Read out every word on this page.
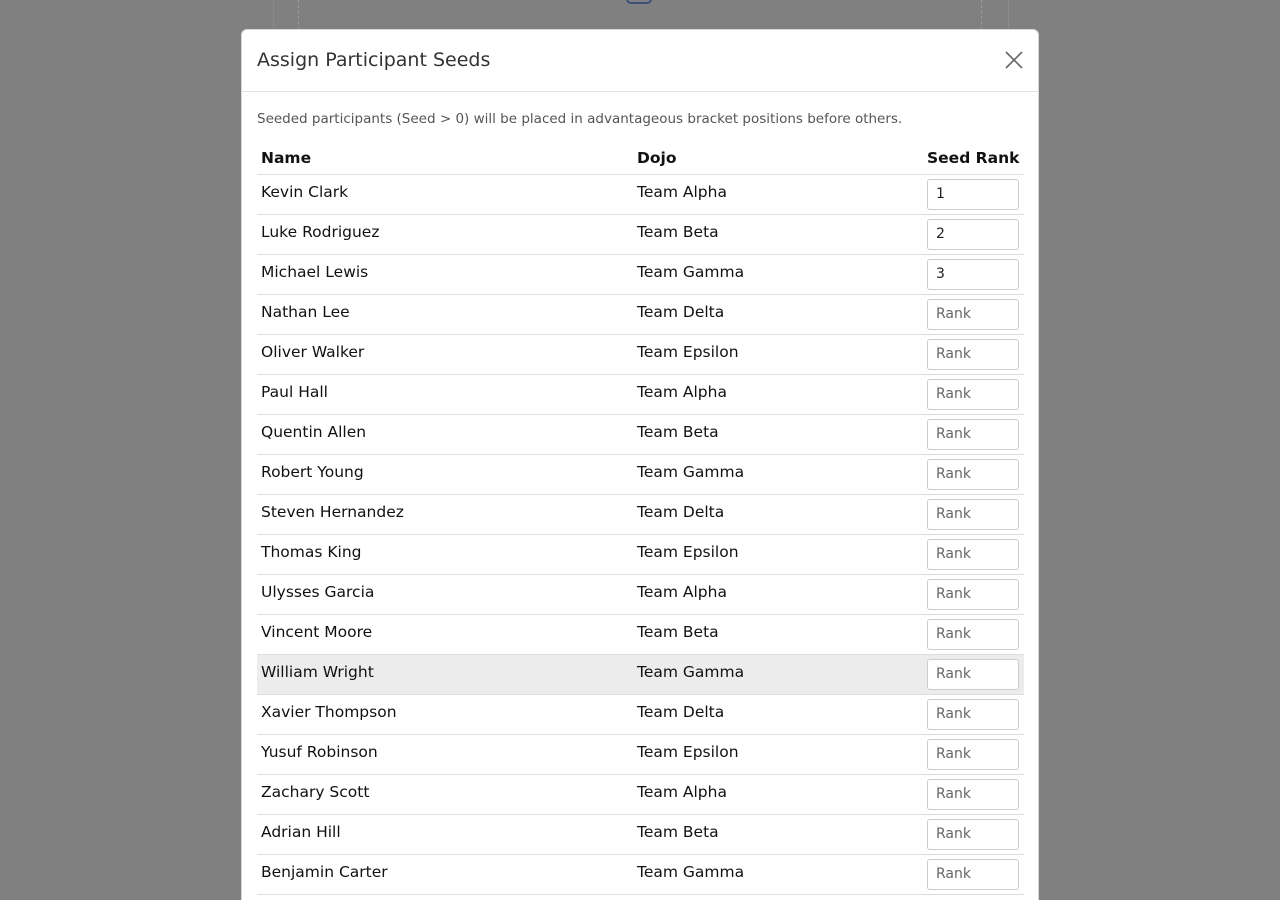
Assign Participant Seeds

Seeded participants (Seed > 0) will be placed in advantageous bracket positions before others.

Name	Dojo	Seed Rank
Kevin Clark	Team Alpha	1
Luke Rodriguez	Team Beta	2
Michael Lewis	Team Gamma	3
Nathan Lee	Team Delta	Rank
Oliver Walker	Team Epsilon	Rank
Paul Hall	Team Alpha	Rank
Quentin Allen	Team Beta	Rank
Robert Young	Team Gamma	Rank
Steven Hernandez	Team Delta	Rank
Thomas King	Team Epsilon	Rank
Ulysses Garcia	Team Alpha	Rank
Vincent Moore	Team Beta	Rank
William Wright	Team Gamma	Rank
Xavier Thompson	Team Delta	Rank
Yusuf Robinson	Team Epsilon	Rank
Zachary Scott	Team Alpha	Rank
Adrian Hill	Team Beta	Rank
Benjamin Carter	Team Gamma	Rank
